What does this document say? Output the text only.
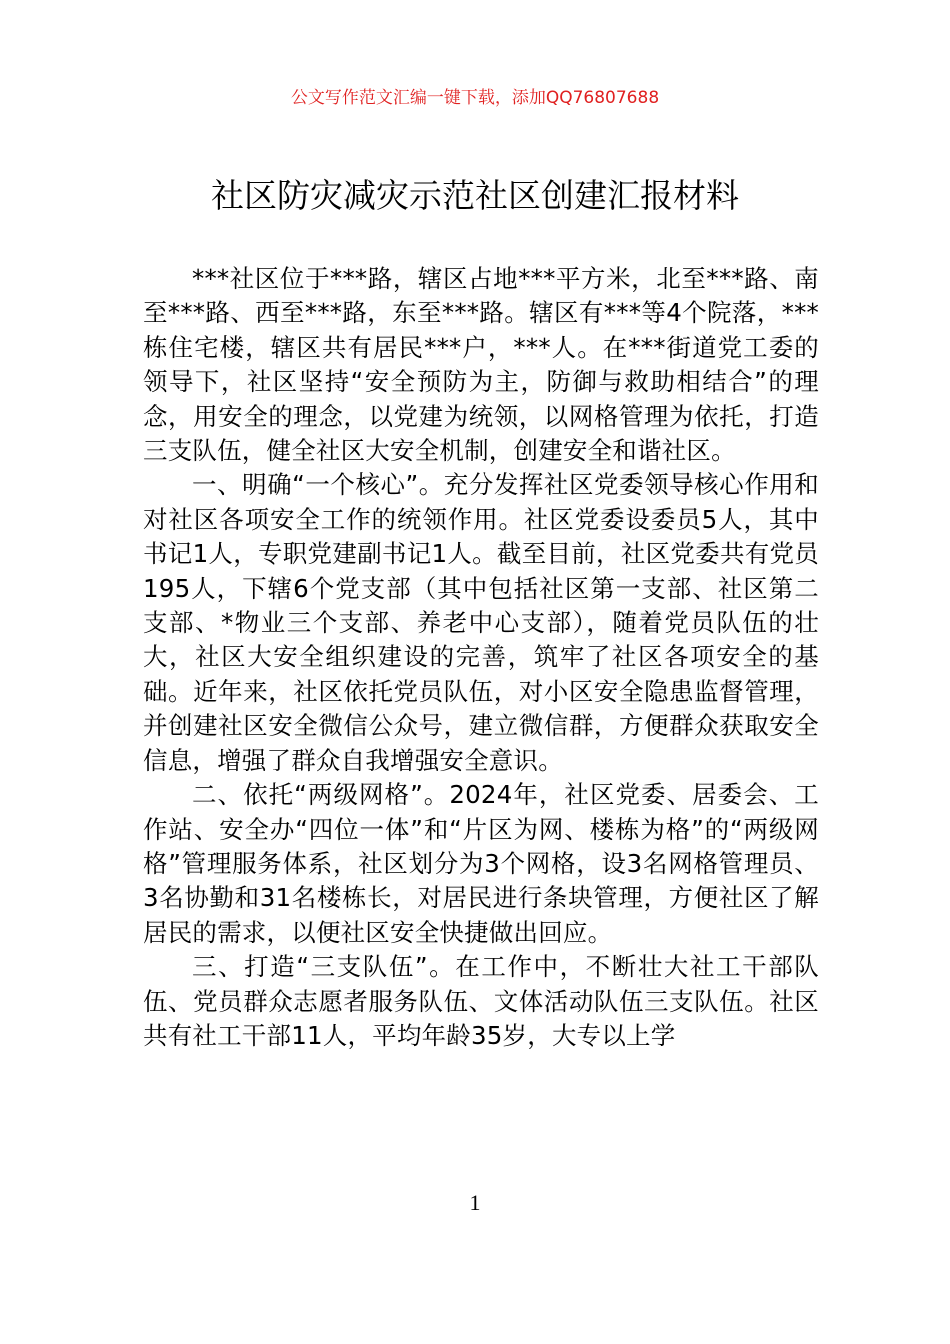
公文写作范文汇编一键下载，添加QQ76807688
社区防灾减灾示范社区创建汇报材料

***社区位于***路，辖区占地***平方米，北至***路、南至***路、西至***路，东至***路。辖区有***等4个院落，***栋住宅楼，辖区共有居民***户，***人。在***街道党工委的领导下，社区坚持“安全预防为主，防御与救助相结合”的理念，用安全的理念，以党建为统领，以网格管理为依托，打造三支队伍，健全社区大安全机制，创建安全和谐社区。

一、明确“一个核心”。充分发挥社区党委领导核心作用和对社区各项安全工作的统领作用。社区党委设委员5人，其中书记1人，专职党建副书记1人。截至目前，社区党委共有党员195人，下辖6个党支部（其中包括社区第一支部、社区第二支部、*物业三个支部、养老中心支部），随着党员队伍的壮大，社区大安全组织建设的完善，筑牢了社区各项安全的基础。近年来，社区依托党员队伍，对小区安全隐患监督管理，并创建社区安全微信公众号，建立微信群，方便群众获取安全信息，增强了群众自我增强安全意识。

二、依托“两级网格”。2024年，社区党委、居委会、工作站、安全办“四位一体”和“片区为网、楼栋为格”的“两级网格”管理服务体系，社区划分为3个网格，设3名网格管理员、3名协勤和31名楼栋长，对居民进行条块管理，方便社区了解居民的需求，以便社区安全快捷做出回应。

三、打造“三支队伍”。在工作中，不断壮大社工干部队伍、党员群众志愿者服务队伍、文体活动队伍三支队伍。社区共有社工干部11人，平均年龄35岁，大专以上学

1
